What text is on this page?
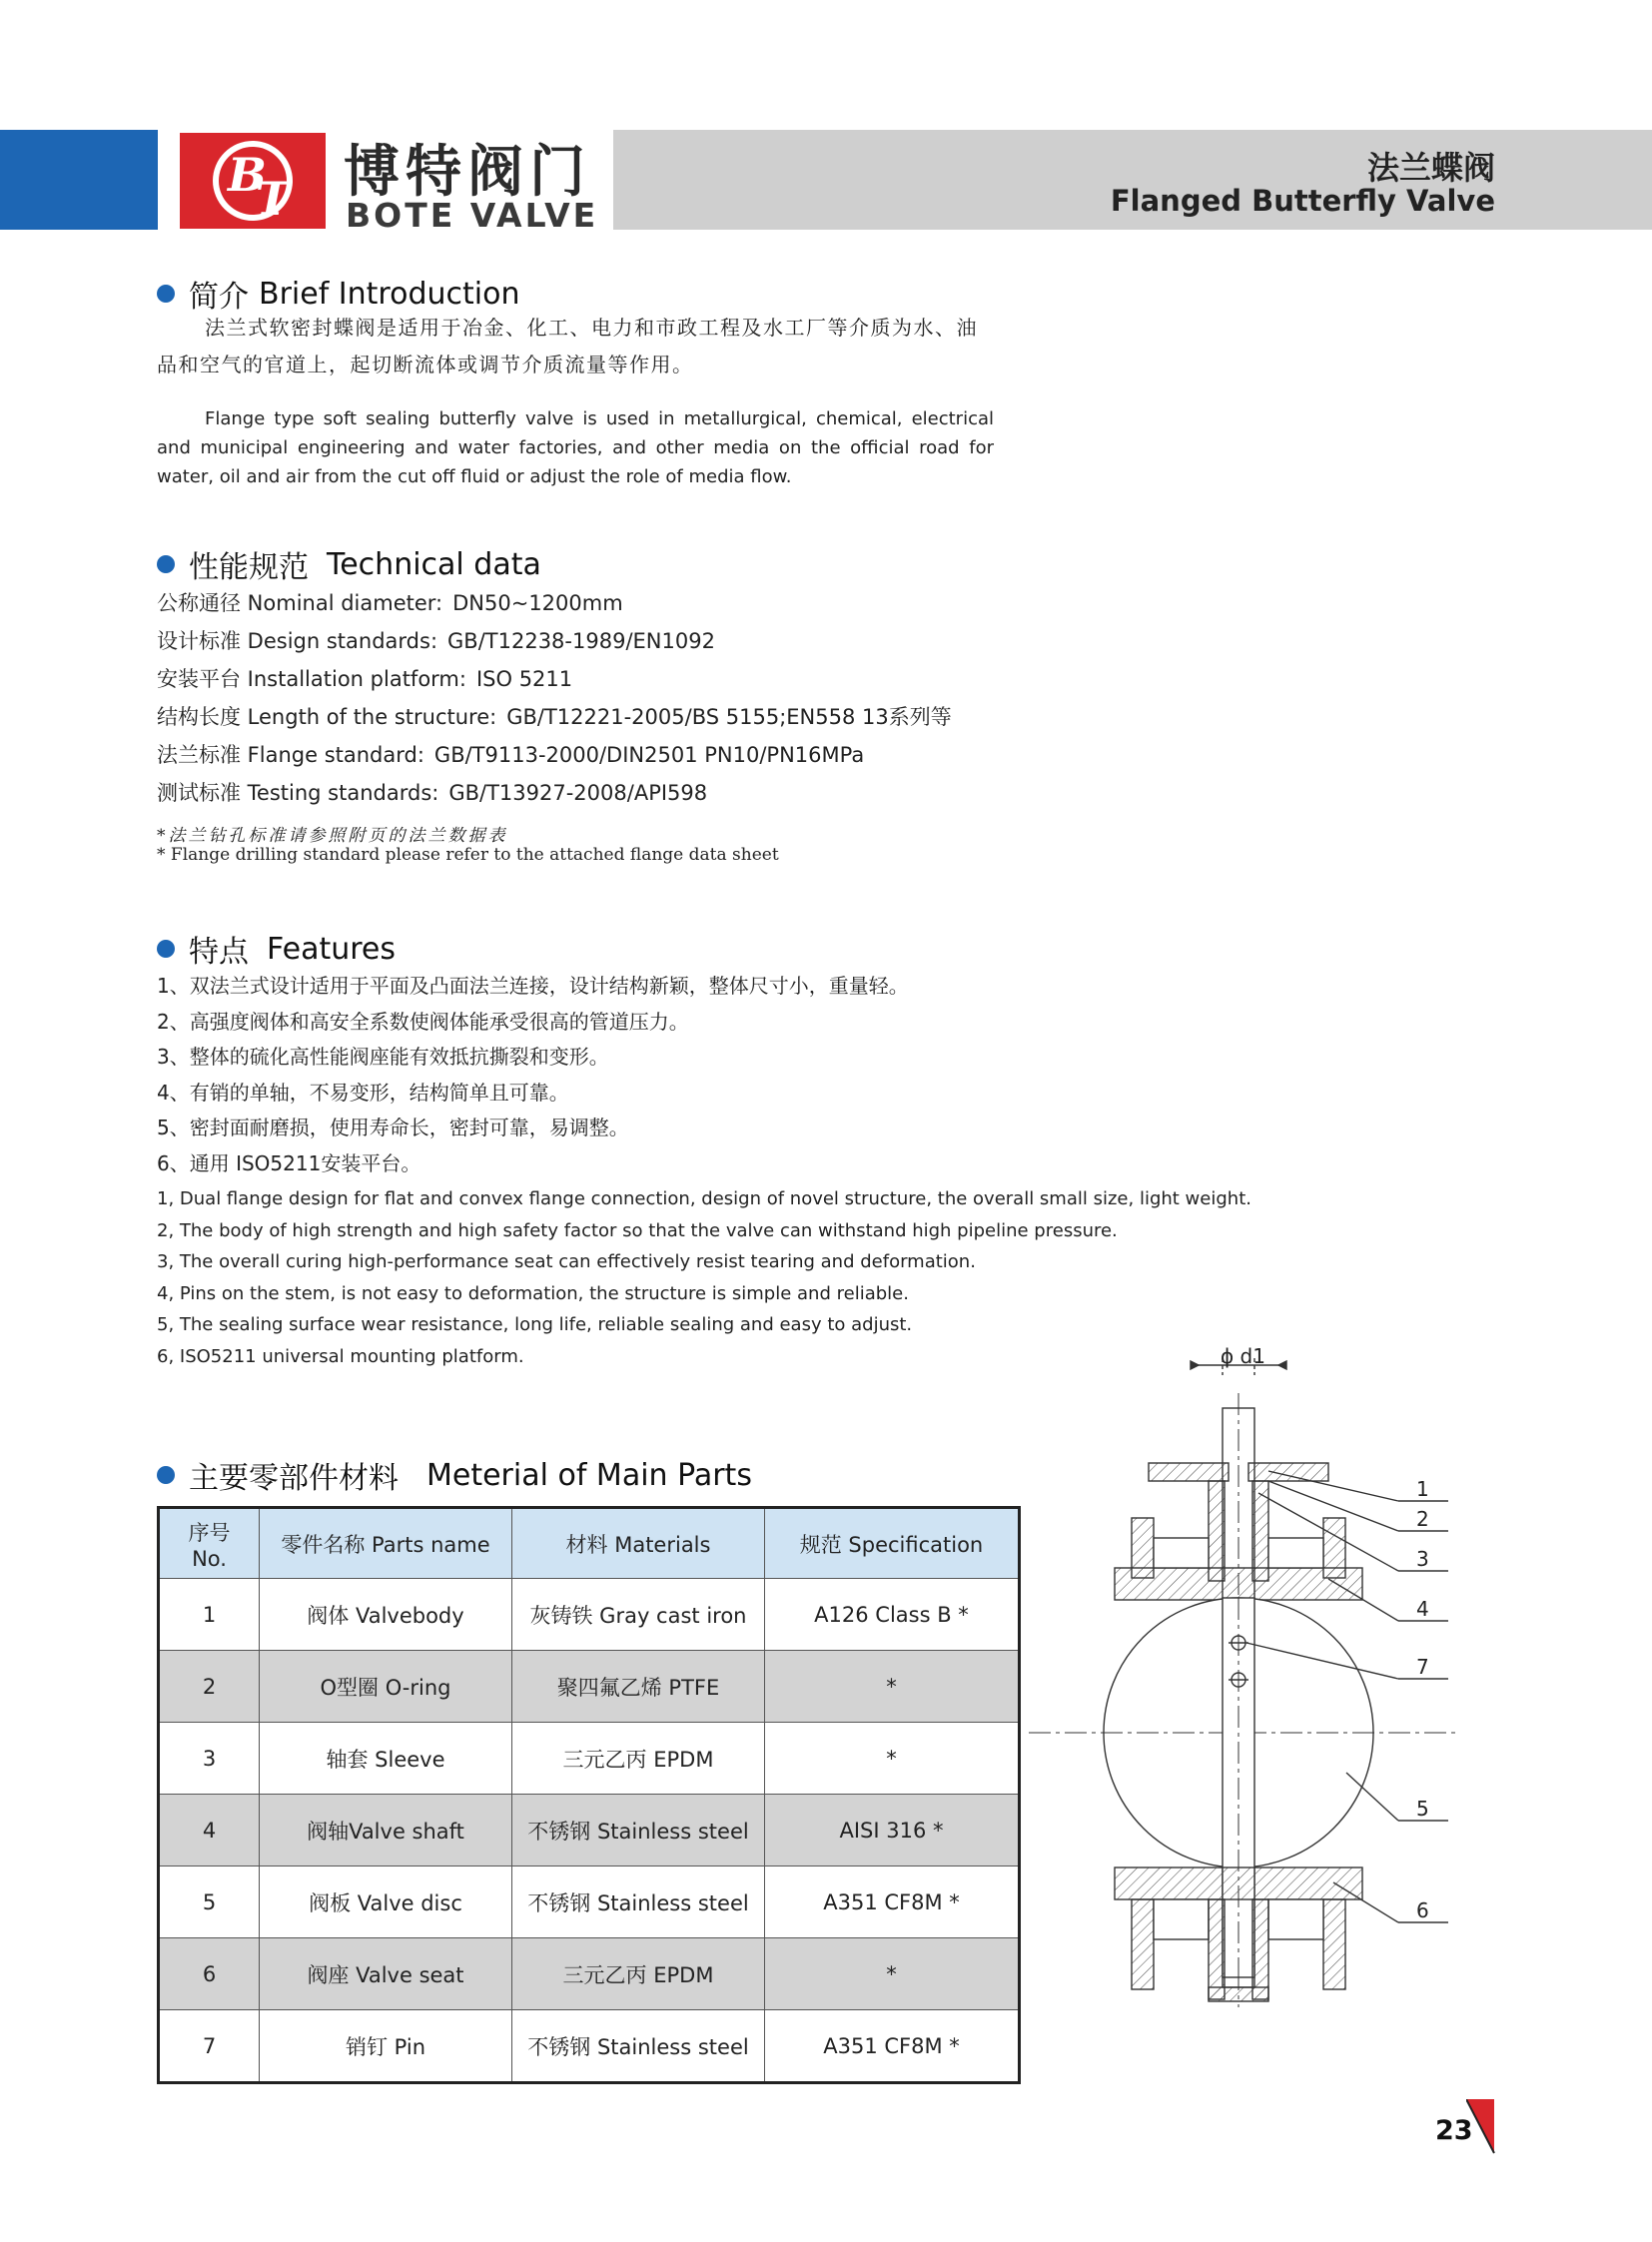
B
T 博特阀门
BOTE VALVE
法兰蝶阀
Flanged Butterfly Valve
简介 Brief Introduction
法兰式软密封蝶阀是适用于冶金、化工、电力和市政工程及水工厂等介质为水、油品和空气的官道上，起切断流体或调节介质流量等作用。
Flange type soft sealing butterfly valve is used in metallurgical, chemical, electrical and municipal engineering and water factories, and other media on the official road for water, oil and air from the cut off fluid or adjust the role of media flow.
性能规范 Technical data
公称通径 Nominal diameter: DN50~1200mm
设计标准 Design standards: GB/T12238-1989/EN1092
安装平台 Installation platform: ISO 5211
结构长度 Length of the structure: GB/T12221-2005/BS 5155;EN558 13系列等
法兰标准 Flange standard: GB/T9113-2000/DIN2501 PN10/PN16MPa
测试标准 Testing standards: GB/T13927-2008/API598
*法兰钻孔标准请参照附页的法兰数据表
* Flange drilling standard please refer to the attached flange data sheet
特点 Features
1、双法兰式设计适用于平面及凸面法兰连接，设计结构新颖，整体尺寸小，重量轻。
2、高强度阀体和高安全系数使阀体能承受很高的管道压力。
3、整体的硫化高性能阀座能有效抵抗撕裂和变形。
4、有销的单轴，不易变形，结构简单且可靠。
5、密封面耐磨损，使用寿命长，密封可靠，易调整。
6、通用 ISO5211安装平台。
1, Dual flange design for flat and convex flange connection, design of novel structure, the overall small size, light weight.
2, The body of high strength and high safety factor so that the valve can withstand high pipeline pressure.
3, The overall curing high-performance seat can effectively resist tearing and deformation.
4, Pins on the stem, is not easy to deformation, the structure is simple and reliable.
5, The sealing surface wear resistance, long life, reliable sealing and easy to adjust.
6, ISO5211 universal mounting platform.
主要零部件材料 Meterial of Main Parts
序号
No.	零件名称 Parts name	材料 Materials	规范 Specification
1	阀体 Valvebody	灰铸铁 Gray cast iron	A126 Class B *
2	O型圈 O-ring	聚四氟乙烯 PTFE	*
3	轴套 Sleeve	三元乙丙 EPDM	*
4	阀轴Valve shaft	不锈钢 Stainless steel	AISI 316 *
5	阀板 Valve disc	不锈钢 Stainless steel	A351 CF8M *
6	阀座 Valve seat	三元乙丙 EPDM	*
7	销钉 Pin	不锈钢 Stainless steel	A351 CF8M *
ϕ d1
1
2
3
4
7
5
6
23
